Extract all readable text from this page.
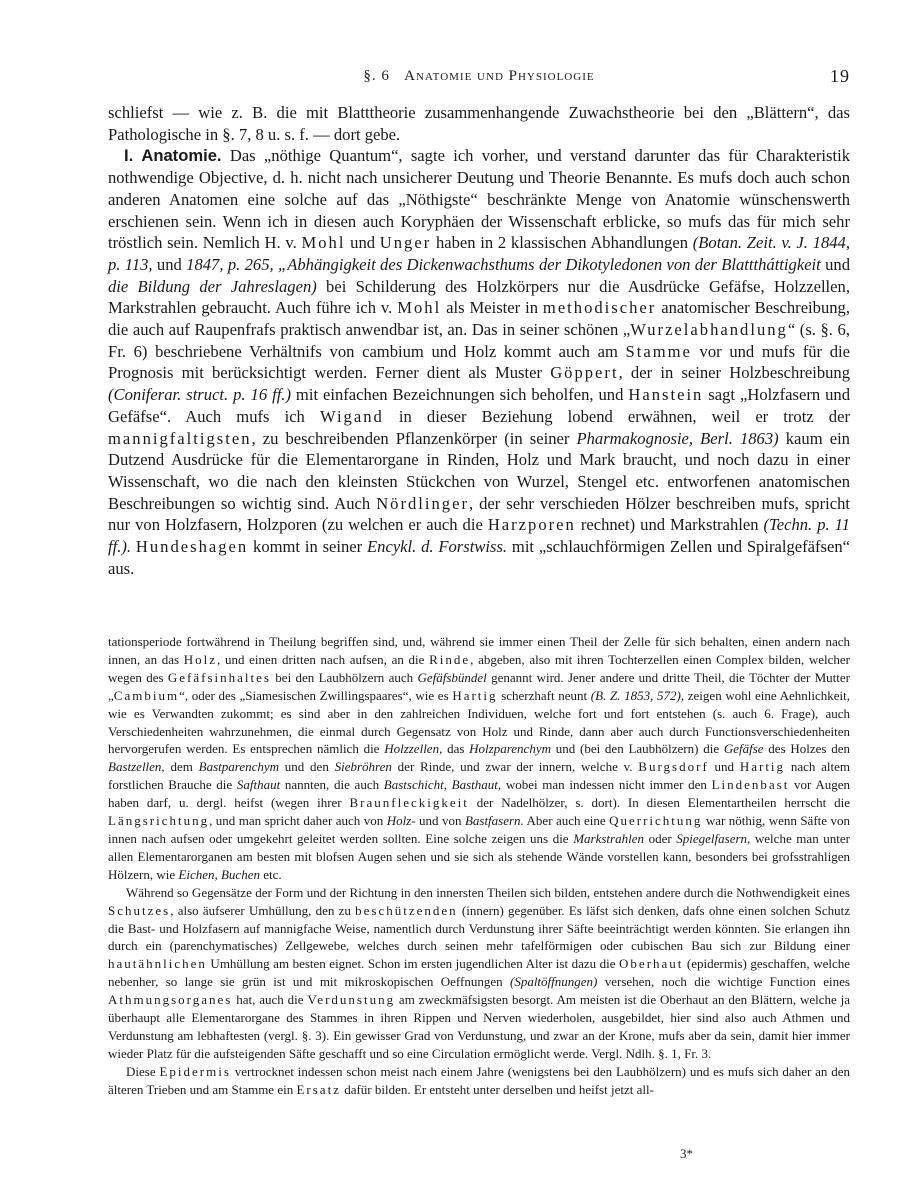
§. 6 Anatomie und Physiologie	19

schliefst — wie z. B. die mit Blatttheorie zusammenhangende Zuwachstheorie bei den „Blättern“, das Pathologische in §. 7, 8 u. s. f. — dort gebe.

I. Anatomie. Das „nöthige Quantum“, sagte ich vorher, und verstand darunter das für Charakteristik nothwendige Objective, d. h. nicht nach unsicherer Deutung und Theorie Benannte. Es mufs doch auch schon anderen Anatomen eine solche auf das „Nöthigste“ beschränkte Menge von Anatomie wünschenswerth erschienen sein. Wenn ich in diesen auch Koryphäen der Wissenschaft erblicke, so mufs das für mich sehr tröstlich sein. Nemlich H. v. Mohl und Unger haben in 2 klassischen Abhandlungen (Botan. Zeit. v. J. 1844, p. 113, und 1847, p. 265, „Abhängigkeit des Dickenwachsthums der Dikotyledonen von der Blatttháttigkeit und die Bildung der Jahreslagen) bei Schilderung des Holzkörpers nur die Ausdrücke Gefäfse, Holzzellen, Markstrahlen gebraucht. Auch führe ich v. Mohl als Meister in methodischer anatomischer Beschreibung, die auch auf Raupenfrafs praktisch anwendbar ist, an. Das in seiner schönen „Wurzelabhandlung“ (s. §. 6, Fr. 6) beschriebene Verhältnifs von cambium und Holz kommt auch am Stamme vor und mufs für die Prognosis mit berücksichtigt werden. Ferner dient als Muster Göppert, der in seiner Holzbeschreibung (Coniferar. struct. p. 16 ff.) mit einfachen Bezeichnungen sich beholfen, und Hanstein sagt „Holzfasern und Gefäfse“. Auch mufs ich Wigand in dieser Beziehung lobend erwähnen, weil er trotz der mannigfaltigsten, zu beschreibenden Pflanzenkörper (in seiner Pharmakognosie, Berl. 1863) kaum ein Dutzend Ausdrücke für die Elementarorgane in Rinden, Holz und Mark braucht, und noch dazu in einer Wissenschaft, wo die nach den kleinsten Stückchen von Wurzel, Stengel etc. entworfenen anatomischen Beschreibungen so wichtig sind. Auch Nördlinger, der sehr verschieden Hölzer beschreiben mufs, spricht nur von Holzfasern, Holzporen (zu welchen er auch die Harzporen rechnet) und Markstrahlen (Techn. p. 11 ff.). Hundeshagen kommt in seiner Encykl. d. Forstwiss. mit „schlauchförmigen Zellen und Spiralgefäfsen“ aus.

tationsperiode fortwährend in Theilung begriffen sind, und, während sie immer einen Theil der Zelle für sich behalten, einen andern nach innen, an das Holz, und einen dritten nach aufsen, an die Rinde, abgeben, also mit ihren Tochterzellen einen Complex bilden, welcher wegen des Gefäfsinhaltes bei den Laubhölzern auch Gefäfsbündel genannt wird. Jener andere und dritte Theil, die Töchter der Mutter „Cambium“, oder des „Siamesischen Zwillingspaares“, wie es Hartig scherzhaft neunt (B. Z. 1853, 572), zeigen wohl eine Aehnlichkeit, wie es Verwandten zukommt; es sind aber in den zahlreichen Individuen, welche fort und fort entstehen (s. auch 6. Frage), auch Verschiedenheiten wahrzunehmen, die einmal durch Gegensatz von Holz und Rinde, dann aber auch durch Functionsverschiedenheiten hervorgerufen werden. Es entsprechen nämlich die Holzzellen, das Holzparenchym und (bei den Laubhölzern) die Gefäfse des Holzes den Bastzellen, dem Bastparenchym und den Siebröhren der Rinde, und zwar der innern, welche v. Burgsdorf und Hartig nach altem forstlichen Brauche die Safthaut nannten, die auch Bastschicht, Basthaut, wobei man indessen nicht immer den Lindenbast vor Augen haben darf, u. dergl. heifst (wegen ihrer Braunfleckigkeit der Nadelhölzer, s. dort). In diesen Elementartheilen herrscht die Längsrichtung, und man spricht daher auch von Holz- und von Bastfasern. Aber auch eine Querrichtung war nöthig, wenn Säfte von innen nach aufsen oder umgekehrt geleitet werden sollten. Eine solche zeigen uns die Markstrahlen oder Spiegelfasern, welche man unter allen Elementarorganen am besten mit blofsen Augen sehen und sie sich als stehende Wände vorstellen kann, besonders bei grofsstrahligen Hölzern, wie Eichen, Buchen etc.

Während so Gegensätze der Form und der Richtung in den innersten Theilen sich bilden, entstehen andere durch die Nothwendigkeit eines Schutzes, also äufserer Umhüllung, den zu beschützenden (innern) gegenüber. Es läfst sich denken, dafs ohne einen solchen Schutz die Bast- und Holzfasern auf mannigfache Weise, namentlich durch Verdunstung ihrer Säfte beeinträchtigt werden könnten. Sie erlangen ihn durch ein (parenchymatisches) Zellgewebe, welches durch seinen mehr tafelförmigen oder cubischen Bau sich zur Bildung einer hautähnlichen Umhüllung am besten eignet. Schon im ersten jugendlichen Alter ist dazu die Oberhaut (epidermis) geschaffen, welche nebenher, so lange sie grün ist und mit mikroskopischen Oeffnungen (Spaltöffnungen) versehen, noch die wichtige Function eines Athmungsorganes hat, auch die Verdunstung am zweckmäfsigsten besorgt. Am meisten ist die Oberhaut an den Blättern, welche ja überhaupt alle Elementarorgane des Stammes in ihren Rippen und Nerven wiederholen, ausgebildet, hier sind also auch Athmen und Verdunstung am lebhaftesten (vergl. §. 3). Ein gewisser Grad von Verdunstung, und zwar an der Krone, mufs aber da sein, damit hier immer wieder Platz für die aufsteigenden Säfte geschafft und so eine Circulation ermöglicht werde. Vergl. Ndlh. §. 1, Fr. 3.

Diese Epidermis vertrocknet indessen schon meist nach einem Jahre (wenigstens bei den Laubhölzern) und es mufs sich daher an den älteren Trieben und am Stamme ein Ersatz dafür bilden. Er entsteht unter derselben und heifst jetzt all-

3*
